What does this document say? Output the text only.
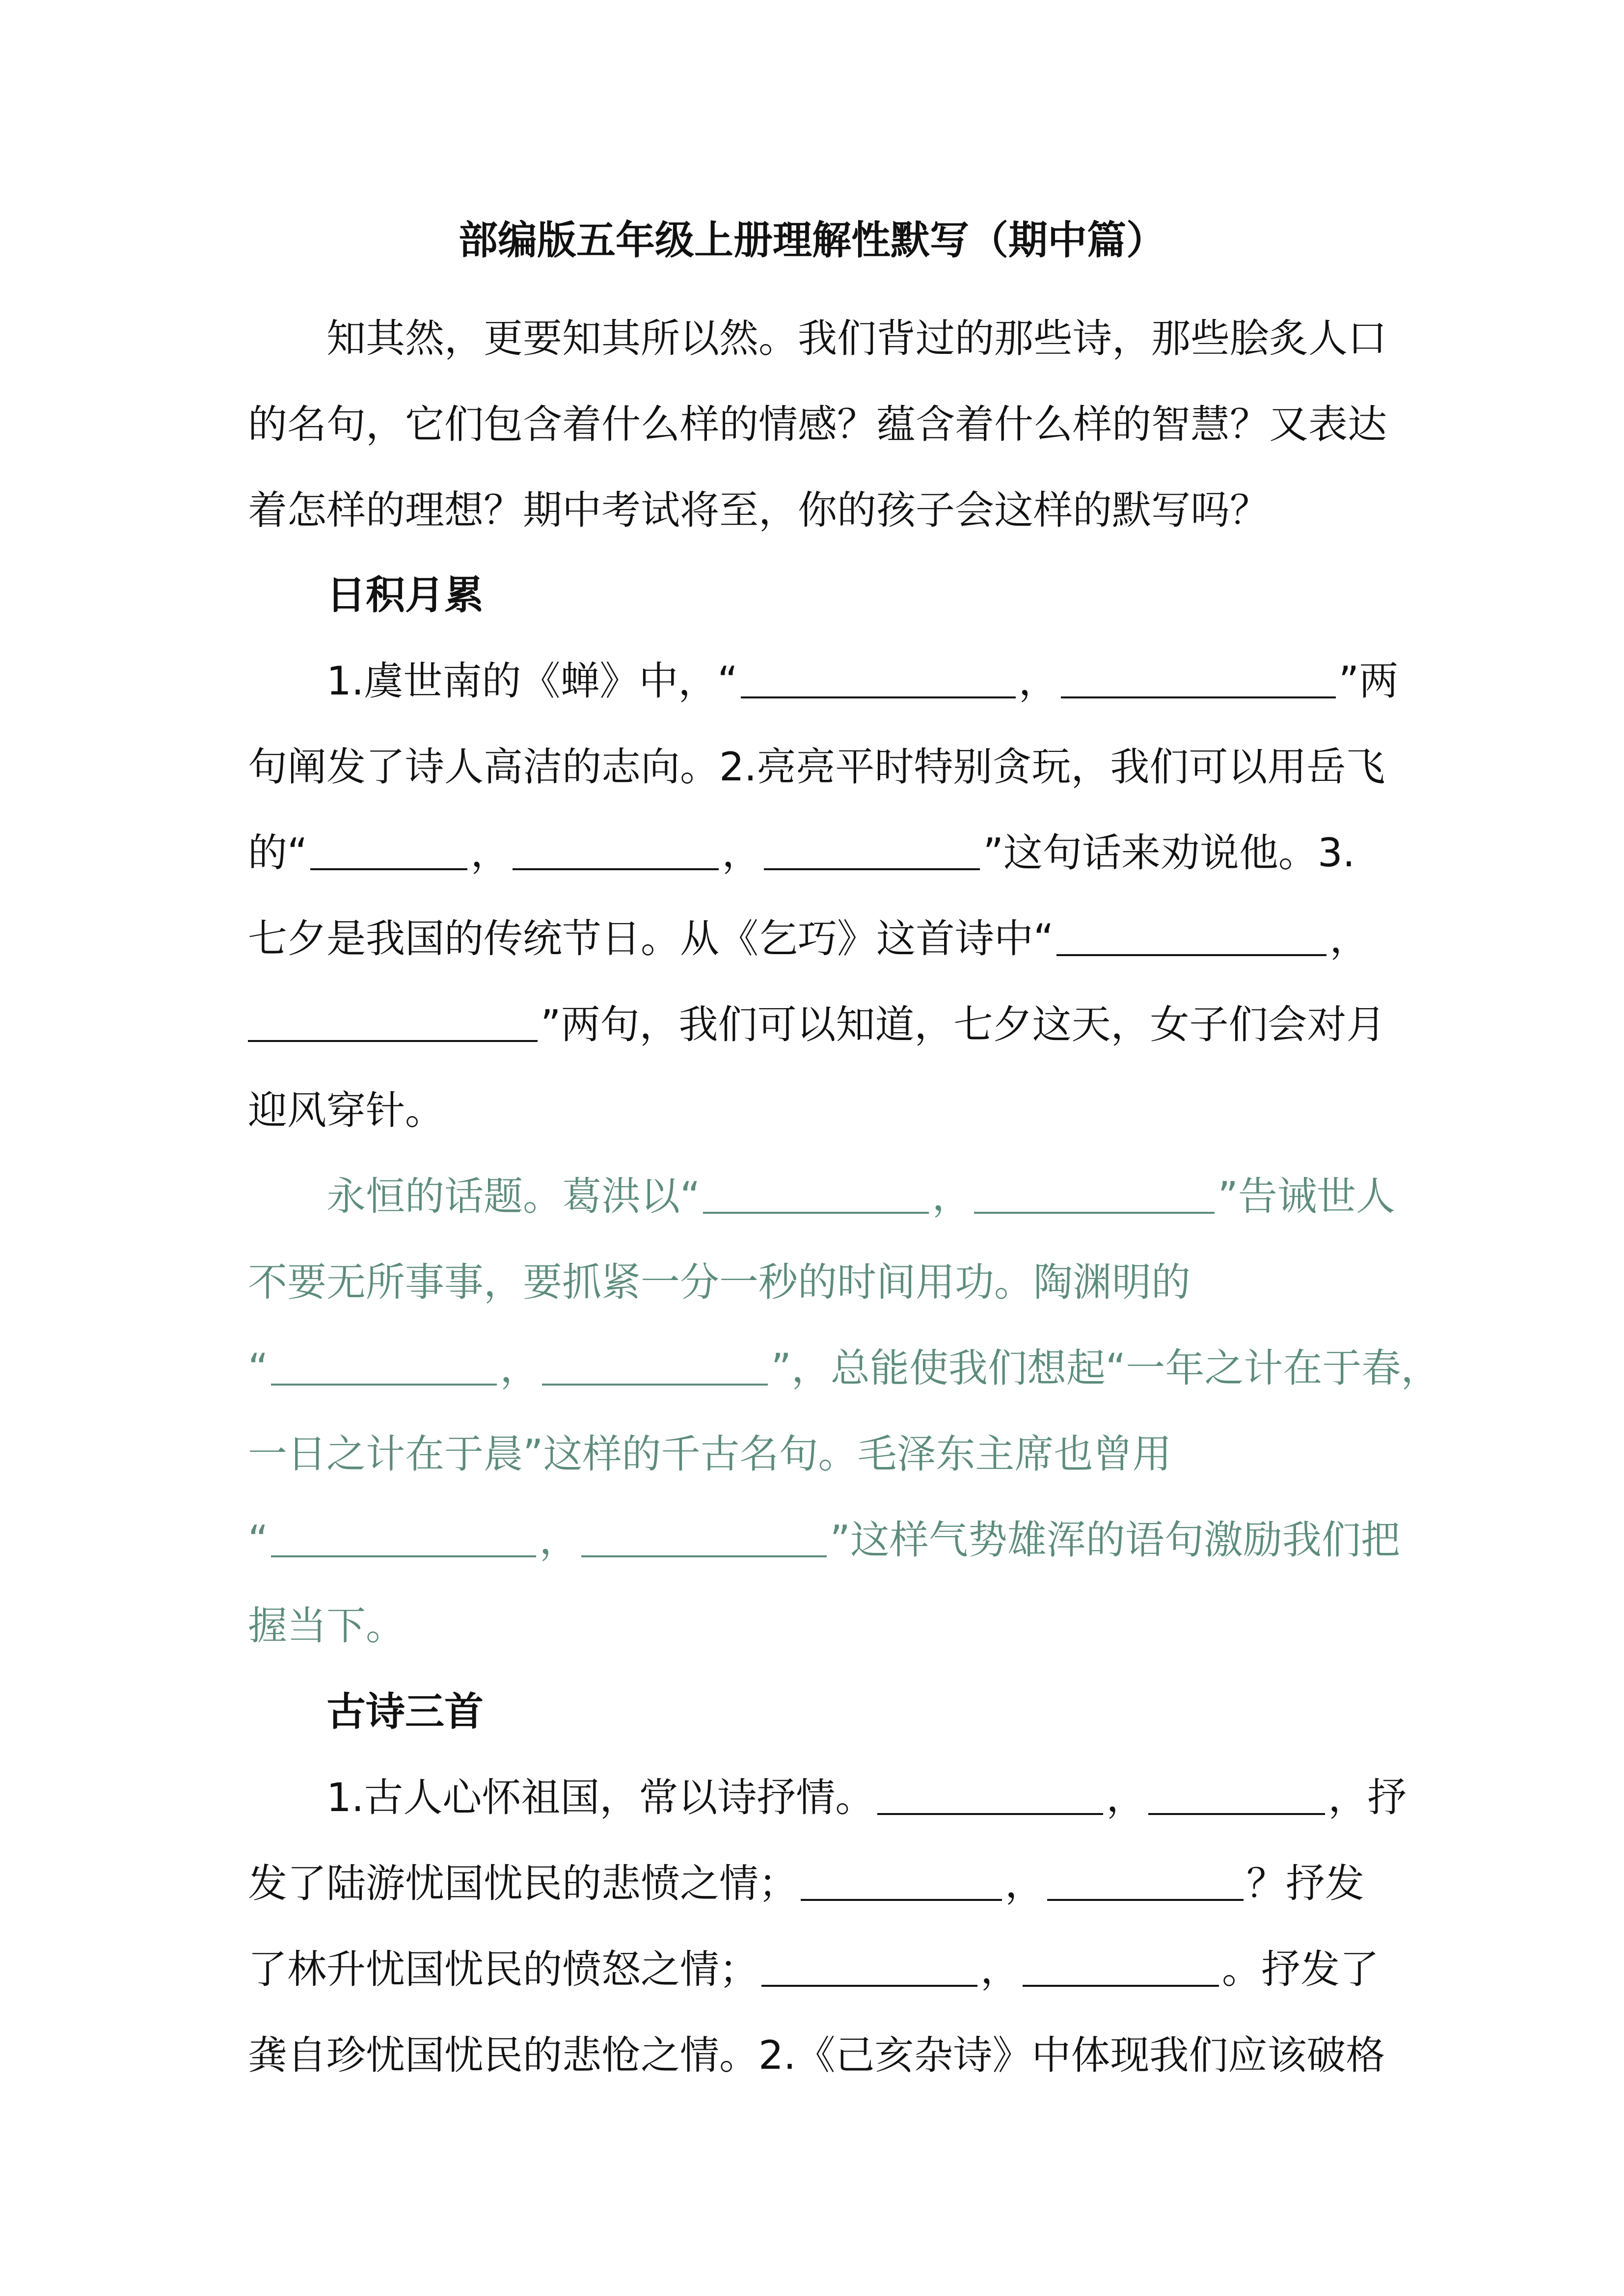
部编版五年级上册理解性默写（期中篇）
知其然，更要知其所以然。我们背过的那些诗，那些脍炙人口
的名句，它们包含着什么样的情感？蕴含着什么样的智慧？又表达
着怎样的理想？期中考试将至，你的孩子会这样的默写吗？
日积月累
1.虞世南的《蝉》中，“	，	”两
句阐发了诗人高洁的志向。2.亮亮平时特别贪玩，我们可以用岳飞
的“	，	，	”这句话来劝说他。3.
七夕是我国的传统节日。从《乞巧》这首诗中“	，
”两句，我们可以知道，七夕这天，女子们会对月
迎风穿针。
永恒的话题。葛洪以“	，	”告诫世人
不要无所事事，要抓紧一分一秒的时间用功。陶渊明的
“	，	”，总能使我们想起“一年之计在于春，
一日之计在于晨”这样的千古名句。毛泽东主席也曾用
“	，	”这样气势雄浑的语句激励我们把
握当下。
古诗三首
1.古人心怀祖国，常以诗抒情。	，	，抒
发了陆游忧国忧民的悲愤之情；	，	？抒发
了林升忧国忧民的愤怒之情；	，	。抒发了
龚自珍忧国忧民的悲怆之情。2.《己亥杂诗》中体现我们应该破格
